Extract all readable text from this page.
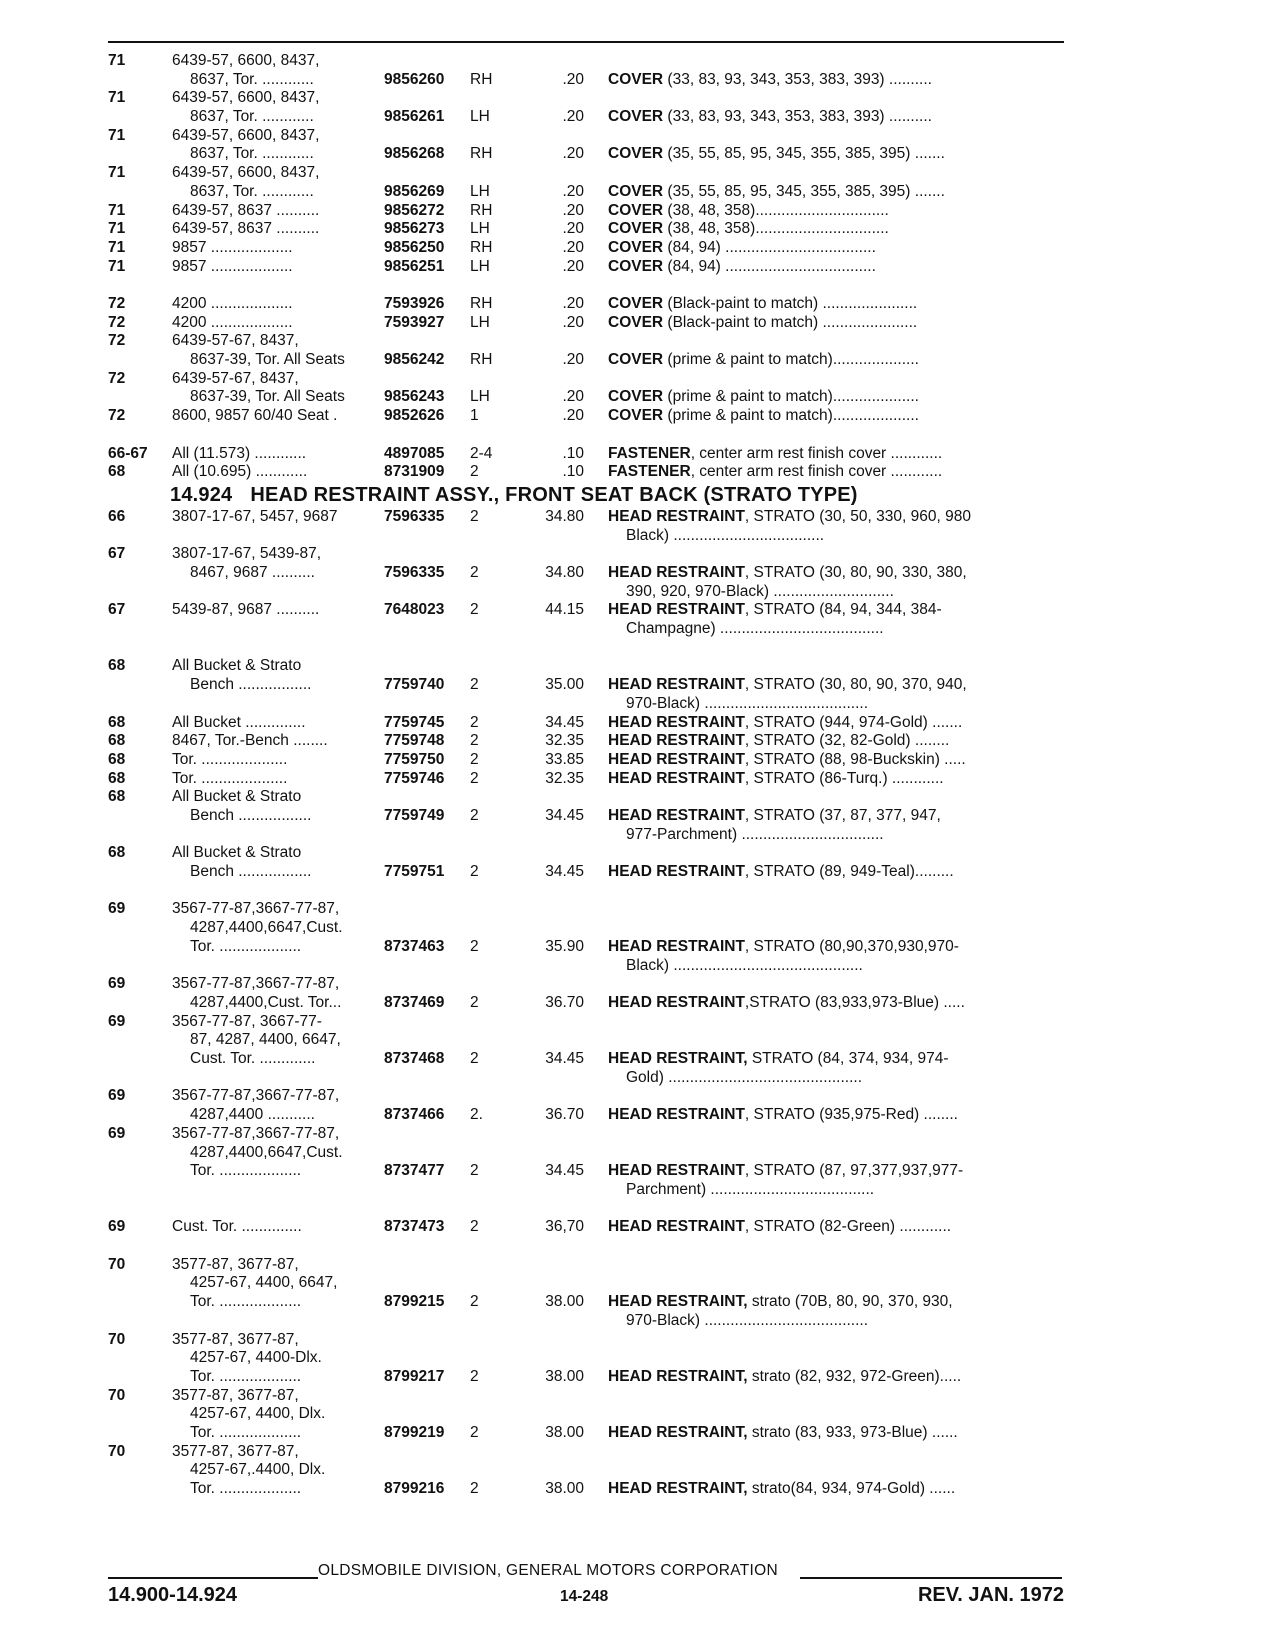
71	6439-57, 6600, 8437,
8637, Tor. ............	9856260	RH	.20 COVER (33, 83, 93, 343, 353, 383, 393) ..........
71	6439-57, 6600, 8437,
8637, Tor. ............	9856261	LH	.20 COVER (33, 83, 93, 343, 353, 383, 393) ..........
71	6439-57, 6600, 8437,
8637, Tor. ............	9856268	RH	.20 COVER (35, 55, 85, 95, 345, 355, 385, 395) .......
71	6439-57, 6600, 8437,
8637, Tor. ............	9856269	LH	.20 COVER (35, 55, 85, 95, 345, 355, 385, 395) .......
71	6439-57, 8637 ..........	9856272	RH	.20 COVER (38, 48, 358)...............................
71	6439-57, 8637 ..........	9856273	LH	.20 COVER (38, 48, 358)...............................
71	9857 ...................	9856250	RH	.20 COVER (84, 94) ...................................
71	9857 ...................	9856251	LH	.20 COVER (84, 94) ...................................
72	4200 ...................	7593926	RH	.20 COVER (Black-paint to match) ......................
72	4200 ...................	7593927	LH	.20 COVER (Black-paint to match) ......................
72	6439-57-67, 8437,
8637-39, Tor. All Seats	9856242	RH	.20 COVER (prime & paint to match)....................
72	6439-57-67, 8437,
8637-39, Tor. All Seats	9856243	LH	.20 COVER (prime & paint to match)....................
72	8600, 9857 60/40 Seat .	9852626	1	.20 COVER (prime & paint to match)....................
66-67	All (11.573) ............	4897085	2-4	.10 FASTENER, center arm rest finish cover ............
68	All (10.695) ............	8731909	2	.10 FASTENER, center arm rest finish cover ............
14.924 HEAD RESTRAINT ASSY., FRONT SEAT BACK (STRATO TYPE)
66	3807-17-67, 5457, 9687	7596335	2	34.80 HEAD RESTRAINT, STRATO (30, 50, 330, 960, 980
Black) ...................................
67	3807-17-67, 5439-87,
8467, 9687 ..........	7596335	2	34.80 HEAD RESTRAINT, STRATO (30, 80, 90, 330, 380,
390, 920, 970-Black) ............................
67	5439-87, 9687 ..........	7648023	2	44.15 HEAD RESTRAINT, STRATO (84, 94, 344, 384-
Champagne) ......................................
68	All Bucket & Strato
Bench .................	7759740	2	35.00 HEAD RESTRAINT, STRATO (30, 80, 90, 370, 940,
970-Black) ......................................
68	All Bucket ..............	7759745	2	34.45 HEAD RESTRAINT, STRATO (944, 974-Gold) .......
68	8467, Tor.-Bench ........	7759748	2	32.35 HEAD RESTRAINT, STRATO (32, 82-Gold) ........
68	Tor. ....................	7759750	2	33.85 HEAD RESTRAINT, STRATO (88, 98-Buckskin) .....
68	Tor. ....................	7759746	2	32.35 HEAD RESTRAINT, STRATO (86-Turq.) ............
68	All Bucket & Strato
Bench .................	7759749	2	34.45 HEAD RESTRAINT, STRATO (37, 87, 377, 947,
977-Parchment) .................................
68	All Bucket & Strato
Bench .................	7759751	2	34.45 HEAD RESTRAINT, STRATO (89, 949-Teal).........
69	3567-77-87,3667-77-87,
4287,4400,6647,Cust.
Tor. ...................	8737463	2	35.90 HEAD RESTRAINT, STRATO (80,90,370,930,970-
Black) ............................................
69	3567-77-87,3667-77-87,
4287,4400,Cust. Tor...	8737469	2	36.70 HEAD RESTRAINT,STRATO (83,933,973-Blue) .....
69	3567-77-87, 3667-77-
87, 4287, 4400, 6647,
Cust. Tor. .............	8737468	2	34.45 HEAD RESTRAINT, STRATO (84, 374, 934, 974-
Gold) .............................................
69	3567-77-87,3667-77-87,
4287,4400 ...........	8737466	2.	36.70 HEAD RESTRAINT, STRATO (935,975-Red) ........
69	3567-77-87,3667-77-87,
4287,4400,6647,Cust.
Tor. ...................	8737477	2	34.45 HEAD RESTRAINT, STRATO (87, 97,377,937,977-
Parchment) ......................................
69	Cust. Tor. ..............	8737473	2	36,70 HEAD RESTRAINT, STRATO (82-Green) ............
70	3577-87, 3677-87,
4257-67, 4400, 6647,
Tor. ...................	8799215	2	38.00 HEAD RESTRAINT, strato (70B, 80, 90, 370, 930,
970-Black) ......................................
70	3577-87, 3677-87,
4257-67, 4400-Dlx.
Tor. ...................	8799217	2	38.00 HEAD RESTRAINT, strato (82, 932, 972-Green).....
70	3577-87, 3677-87,
4257-67, 4400, Dlx.
Tor. ...................	8799219	2	38.00 HEAD RESTRAINT, strato (83, 933, 973-Blue) ......
70	3577-87, 3677-87,
4257-67,.4400, Dlx.
Tor. ...................	8799216	2	38.00 HEAD RESTRAINT, strato(84, 934, 974-Gold) ......
OLDSMOBILE DIVISION, GENERAL MOTORS CORPORATION
14.900-14.924	14-248	REV. JAN. 1972
